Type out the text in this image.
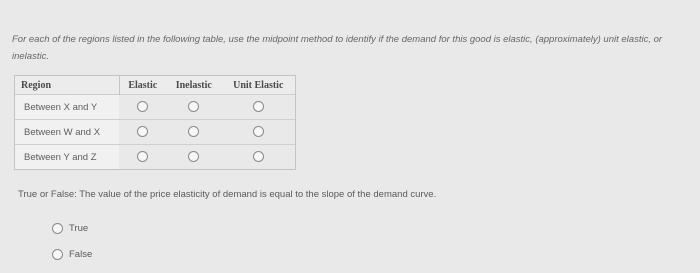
For each of the regions listed in the following table, use the midpoint method to identify if the demand for this good is elastic, (approximately) unit elastic, or inelastic.
Region	Elastic	Inelastic	Unit Elastic
Between X and Y			
Between W and X			
Between Y and Z			
True or False: The value of the price elasticity of demand is equal to the slope of the demand curve.
True
False
